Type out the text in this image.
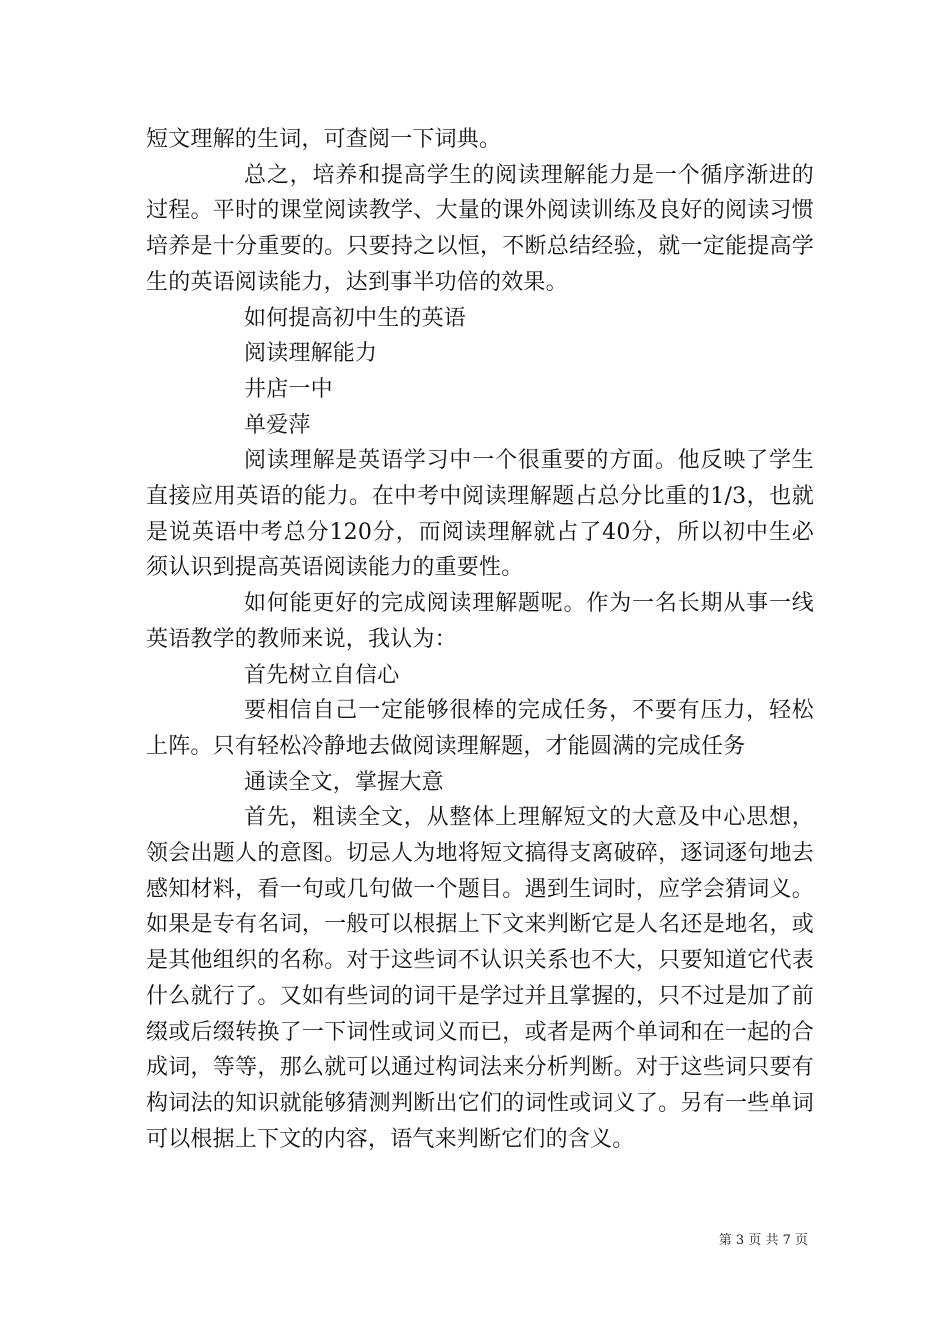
短文理解的生词，可查阅一下词典。

总之，培养和提高学生的阅读理解能力是一个循序渐进的过程。平时的课堂阅读教学、大量的课外阅读训练及良好的阅读习惯培养是十分重要的。只要持之以恒，不断总结经验，就一定能提高学生的英语阅读能力，达到事半功倍的效果。

如何提高初中生的英语

阅读理解能力

井店一中

单爱萍

阅读理解是英语学习中一个很重要的方面。他反映了学生直接应用英语的能力。在中考中阅读理解题占总分比重的1/3，也就是说英语中考总分120分，而阅读理解就占了40分，所以初中生必须认识到提高英语阅读能力的重要性。

如何能更好的完成阅读理解题呢。作为一名长期从事一线英语教学的教师来说，我认为：

首先树立自信心

要相信自己一定能够很棒的完成任务，不要有压力，轻松上阵。只有轻松冷静地去做阅读理解题，才能圆满的完成任务

通读全文，掌握大意

首先，粗读全文，从整体上理解短文的大意及中心思想，领会出题人的意图。切忌人为地将短文搞得支离破碎，逐词逐句地去感知材料，看一句或几句做一个题目。遇到生词时，应学会猜词义。如果是专有名词，一般可以根据上下文来判断它是人名还是地名，或是其他组织的名称。对于这些词不认识关系也不大，只要知道它代表什么就行了。又如有些词的词干是学过并且掌握的，只不过是加了前缀或后缀转换了一下词性或词义而已，或者是两个单词和在一起的合成词，等等，那么就可以通过构词法来分析判断。对于这些词只要有构词法的知识就能够猜测判断出它们的词性或词义了。另有一些单词可以根据上下文的内容，语气来判断它们的含义。

第 3 页 共 7 页
